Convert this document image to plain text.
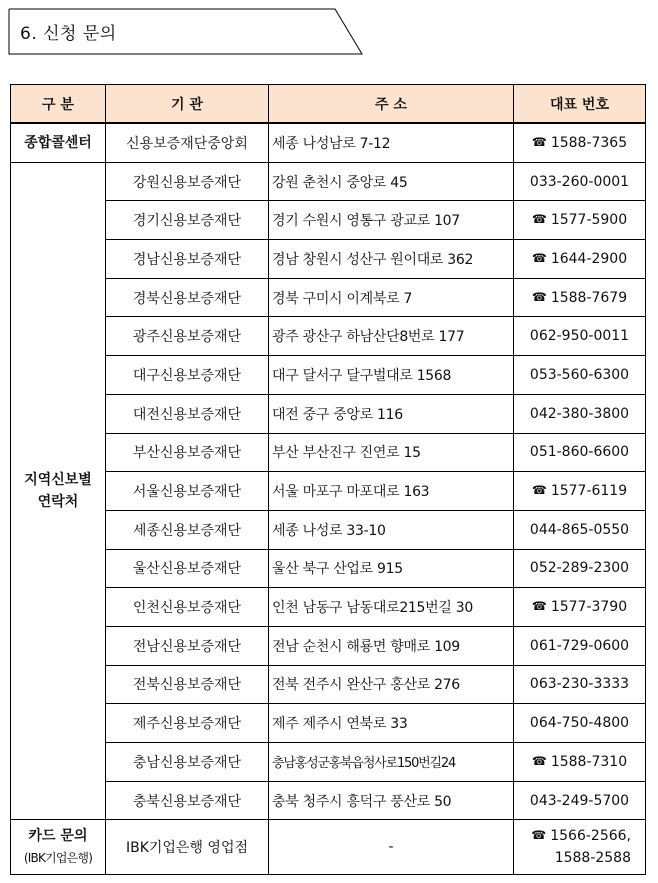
6. 신청 문의
구 분	기 관	주 소	대표 번호
종합콜센터	신용보증재단중앙회	세종 나성남로 7-12	☎ 1588-7365
지역신보별
연락처	강원신용보증재단	강원 춘천시 중앙로 45	033-260-0001
	경기신용보증재단	경기 수원시 영통구 광교로 107	☎ 1577-5900
	경남신용보증재단	경남 창원시 성산구 원이대로 362	☎ 1644-2900
	경북신용보증재단	경북 구미시 이계북로 7	☎ 1588-7679
	광주신용보증재단	광주 광산구 하남산단8번로 177	062-950-0011
	대구신용보증재단	대구 달서구 달구벌대로 1568	053-560-6300
	대전신용보증재단	대전 중구 중앙로 116	042-380-3800
	부산신용보증재단	부산 부산진구 진연로 15	051-860-6600
	서울신용보증재단	서울 마포구 마포대로 163	☎ 1577-6119
	세종신용보증재단	세종 나성로 33-10	044-865-0550
	울산신용보증재단	울산 북구 산업로 915	052-289-2300
	인천신용보증재단	인천 남동구 남동대로215번길 30	☎ 1577-3790
	전남신용보증재단	전남 순천시 해룡면 향매로 109	061-729-0600
	전북신용보증재단	전북 전주시 완산구 홍산로 276	063-230-3333
	제주신용보증재단	제주 제주시 연북로 33	064-750-4800
	충남신용보증재단	충남홍성군홍북읍청사로150번길24	☎ 1588-7310
	충북신용보증재단	충북 청주시 흥덕구 풍산로 50	043-249-5700
카드 문의
(IBK기업은행)	IBK기업은행 영업점	-	☎ 1566-2566,
1588-2588
